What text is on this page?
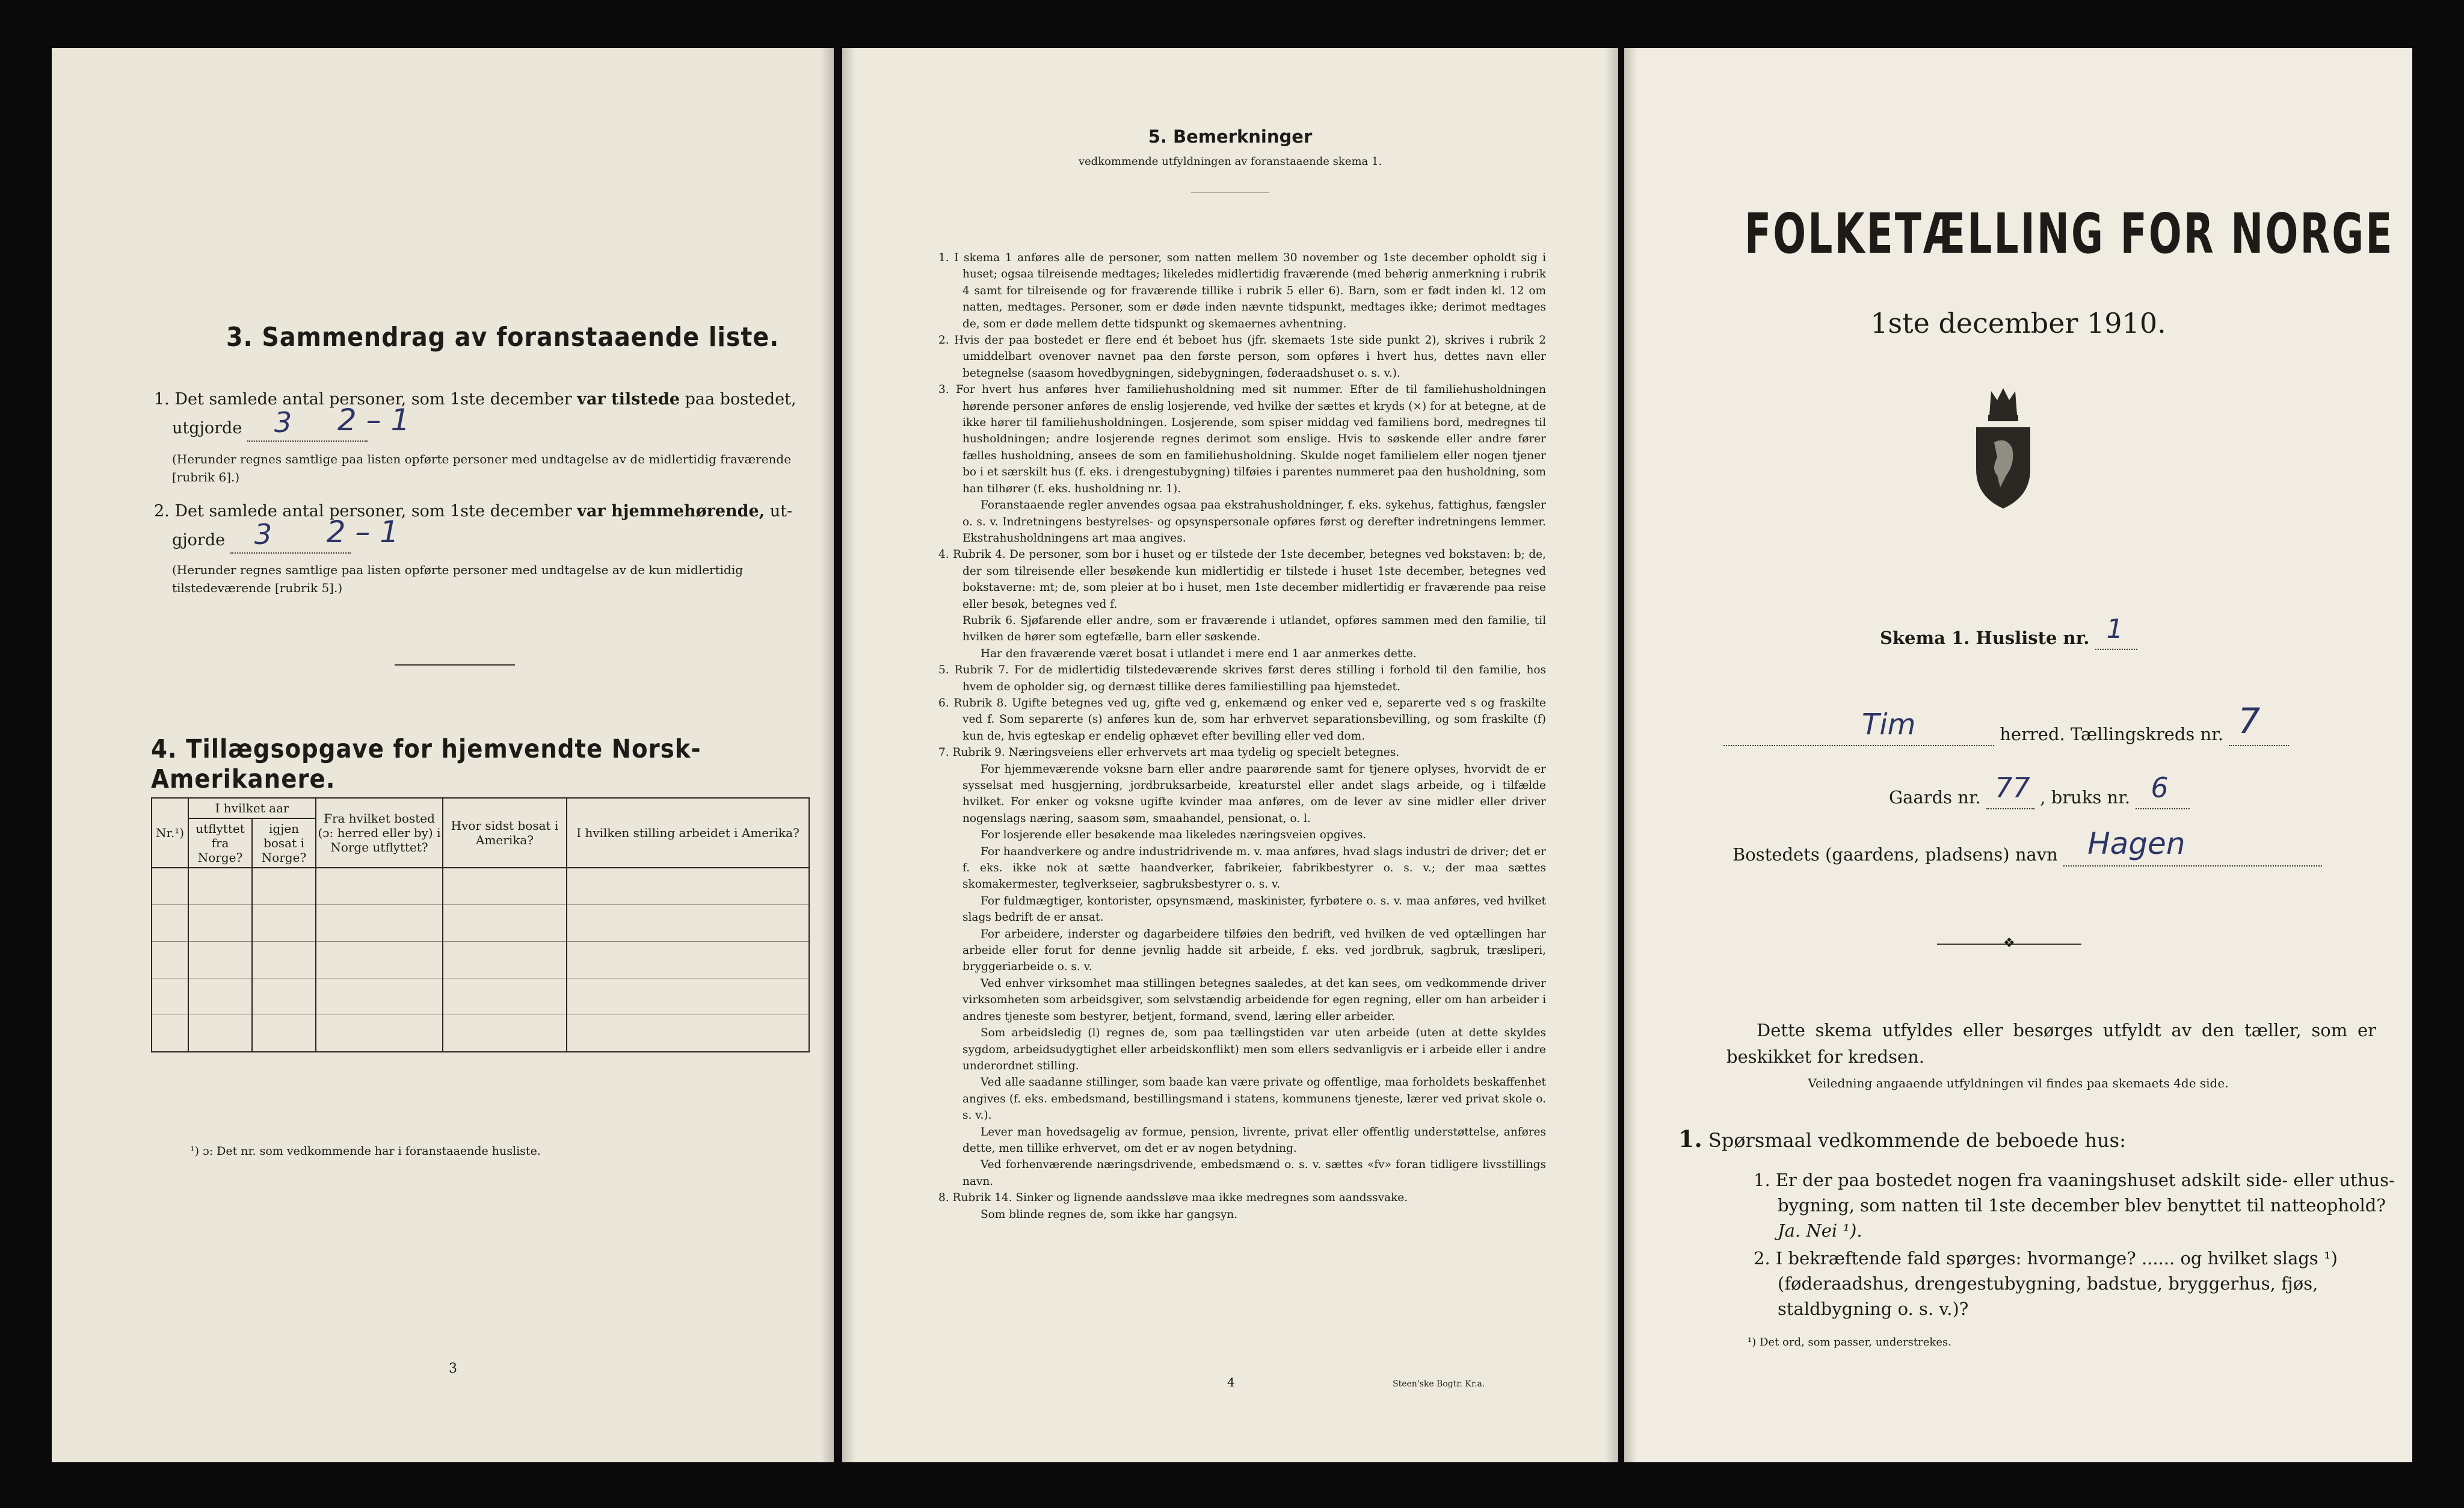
3. Sammendrag av foranstaaende liste.
1. Det samlede antal personer, som 1ste december var tilstede paa bostedet,
utgjorde 3 2 – 1
(Herunder regnes samtlige paa listen opførte personer med undtagelse av de midlertidig fraværende [rubrik 6].)
2. Det samlede antal personer, som 1ste december var hjemmehørende, ut-
gjorde 3 2 – 1
(Herunder regnes samtlige paa listen opførte personer med undtagelse av de kun midlertidig tilstedeværende [rubrik 5].)
4. Tillægsopgave for hjemvendte Norsk-Amerikanere.
Nr.¹)	I hvilket aar		Fra hvilket bosted (ɔ: herred eller by) i Norge utflyttet?	Hvor sidst bosat i Amerika?	I hvilken stilling arbeidet i Amerika?
	utflyttet fra Norge?	igjen bosat i Norge?			

¹) ɔ: Det nr. som vedkommende har i foranstaaende husliste.
3
5. Bemerkninger
vedkommende utfyldningen av foranstaaende skema 1.

1. I skema 1 anføres alle de personer, som natten mellem 30 november og 1ste december opholdt sig i huset; ogsaa tilreisende medtages; likeledes midlertidig fraværende (med behørig anmerkning i rubrik 4 samt for tilreisende og for fraværende tillike i rubrik 5 eller 6). Barn, som er født inden kl. 12 om natten, medtages. Personer, som er døde inden nævnte tidspunkt, medtages ikke; derimot medtages de, som er døde mellem dette tidspunkt og skemaernes avhentning.

2. Hvis der paa bostedet er flere end ét beboet hus (jfr. skemaets 1ste side punkt 2), skrives i rubrik 2 umiddelbart ovenover navnet paa den første person, som opføres i hvert hus, dettes navn eller betegnelse (saasom hovedbygningen, sidebygningen, føderaadshuset o. s. v.).

3. For hvert hus anføres hver familiehusholdning med sit nummer. Efter de til familiehusholdningen hørende personer anføres de enslig losjerende, ved hvilke der sættes et kryds (×) for at betegne, at de ikke hører til familiehusholdningen. Losjerende, som spiser middag ved familiens bord, medregnes til husholdningen; andre losjerende regnes derimot som enslige. Hvis to søskende eller andre fører fælles husholdning, ansees de som en familiehusholdning. Skulde noget familielem eller nogen tjener bo i et særskilt hus (f. eks. i drengestubygning) tilføies i parentes nummeret paa den husholdning, som han tilhører (f. eks. husholdning nr. 1).

Foranstaaende regler anvendes ogsaa paa ekstrahusholdninger, f. eks. sykehus, fattighus, fængsler o. s. v. Indretningens bestyrelses- og opsynspersonale opføres først og derefter indretningens lemmer. Ekstrahusholdningens art maa angives.

4. Rubrik 4. De personer, som bor i huset og er tilstede der 1ste december, betegnes ved bokstaven: b; de, der som tilreisende eller besøkende kun midlertidig er tilstede i huset 1ste december, betegnes ved bokstaverne: mt; de, som pleier at bo i huset, men 1ste december midlertidig er fraværende paa reise eller besøk, betegnes ved f.

Rubrik 6. Sjøfarende eller andre, som er fraværende i utlandet, opføres sammen med den familie, til hvilken de hører som egtefælle, barn eller søskende.

Har den fraværende været bosat i utlandet i mere end 1 aar anmerkes dette.

5. Rubrik 7. For de midlertidig tilstedeværende skrives først deres stilling i forhold til den familie, hos hvem de opholder sig, og dernæst tillike deres familiestilling paa hjemstedet.

6. Rubrik 8. Ugifte betegnes ved ug, gifte ved g, enkemænd og enker ved e, separerte ved s og fraskilte ved f. Som separerte (s) anføres kun de, som har erhvervet separationsbevilling, og som fraskilte (f) kun de, hvis egteskap er endelig ophævet efter bevilling eller ved dom.

7. Rubrik 9. Næringsveiens eller erhvervets art maa tydelig og specielt betegnes.

For hjemmeværende voksne barn eller andre paarørende samt for tjenere oplyses, hvorvidt de er sysselsat med husgjerning, jordbruksarbeide, kreaturstel eller andet slags arbeide, og i tilfælde hvilket. For enker og voksne ugifte kvinder maa anføres, om de lever av sine midler eller driver nogenslags næring, saasom søm, smaahandel, pensionat, o. l.

For losjerende eller besøkende maa likeledes næringsveien opgives.

For haandverkere og andre industridrivende m. v. maa anføres, hvad slags industri de driver; det er f. eks. ikke nok at sætte haandverker, fabrikeier, fabrikbestyrer o. s. v.; der maa sættes skomakermester, teglverkseier, sagbruksbestyrer o. s. v.

For fuldmægtiger, kontorister, opsynsmænd, maskinister, fyrbøtere o. s. v. maa anføres, ved hvilket slags bedrift de er ansat.

For arbeidere, inderster og dagarbeidere tilføies den bedrift, ved hvilken de ved optællingen har arbeide eller forut for denne jevnlig hadde sit arbeide, f. eks. ved jordbruk, sagbruk, træsliperi, bryggeriarbeide o. s. v.

Ved enhver virksomhet maa stillingen betegnes saaledes, at det kan sees, om vedkommende driver virksomheten som arbeidsgiver, som selvstændig arbeidende for egen regning, eller om han arbeider i andres tjeneste som bestyrer, betjent, formand, svend, læring eller arbeider.

Som arbeidsledig (l) regnes de, som paa tællingstiden var uten arbeide (uten at dette skyldes sygdom, arbeidsudygtighet eller arbeidskonflikt) men som ellers sedvanligvis er i arbeide eller i andre underordnet stilling.

Ved alle saadanne stillinger, som baade kan være private og offentlige, maa forholdets beskaffenhet angives (f. eks. embedsmand, bestillingsmand i statens, kommunens tjeneste, lærer ved privat skole o. s. v.).

Lever man hovedsagelig av formue, pension, livrente, privat eller offentlig understøttelse, anføres dette, men tillike erhvervet, om det er av nogen betydning.

Ved forhenværende næringsdrivende, embedsmænd o. s. v. sættes «fv» foran tidligere livsstillings navn.

8. Rubrik 14. Sinker og lignende aandssløve maa ikke medregnes som aandssvake.

Som blinde regnes de, som ikke har gangsyn.

4	Steen'ske Bogtr. Kr.a.
FOLKETÆLLING FOR NORGE
1ste december 1910.
Skema 1. Husliste nr. 1
Tim	herred. Tællingskreds nr. 7
Gaards nr. 77 , bruks nr. 6
Bostedets (gaardens, pladsens) navn Hagen
❖
Dette skema utfyldes eller besørges utfyldt av den tæller, som er beskikket for kredsen.
Veiledning angaaende utfyldningen vil findes paa skemaets 4de side.
1. Spørsmaal vedkommende de beboede hus:
1. Er der paa bostedet nogen fra vaaningshuset adskilt side- eller uthus-bygning, som natten til 1ste december blev benyttet til natteophold? Ja. Nei ¹).
2. I bekræftende fald spørges: hvormange? ...... og hvilket slags ¹) (føderaadshus, drengestubygning, badstue, bryggerhus, fjøs, staldbygning o. s. v.)?
¹) Det ord, som passer, understrekes.
